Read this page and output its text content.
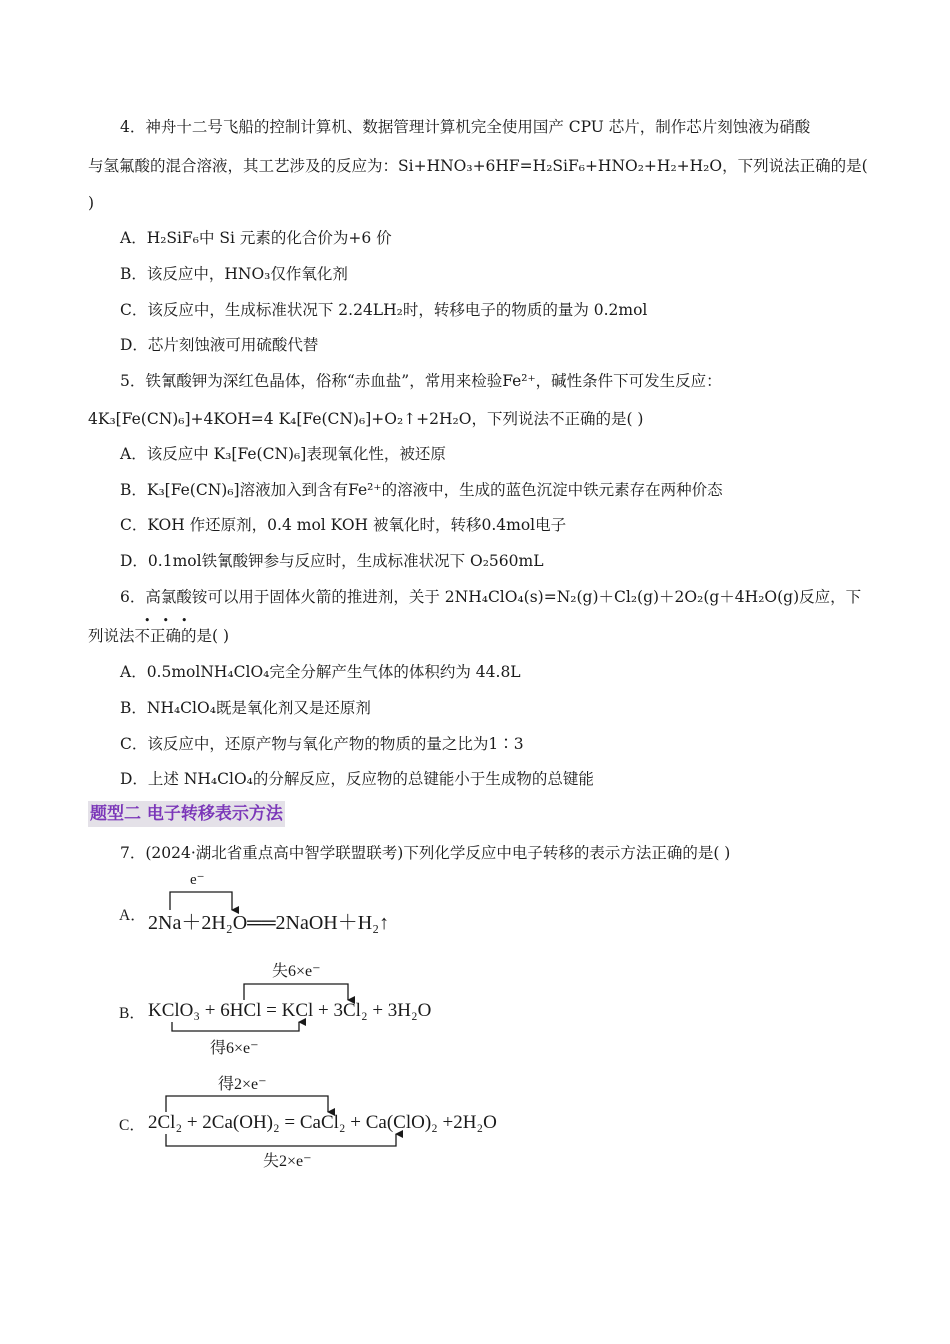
4．神舟十二号飞船的控制计算机、数据管理计算机完全使用国产 CPU 芯片，制作芯片刻蚀液为硝酸
与氢氟酸的混合溶液，其工艺涉及的反应为：Si+HNO₃+6HF=H₂SiF₆+HNO₂+H₂+H₂O，下列说法正确的是(
)
A．H₂SiF₆中 Si 元素的化合价为+6 价
B．该反应中，HNO₃仅作氧化剂
C．该反应中，生成标准状况下 2.24LH₂时，转移电子的物质的量为 0.2mol
D．芯片刻蚀液可用硫酸代替
5．铁氰酸钾为深红色晶体，俗称“赤血盐”，常用来检验Fe²⁺，碱性条件下可发生反应：
4K₃[Fe(CN)₆]+4KOH=4 K₄[Fe(CN)₆]+O₂↑+2H₂O，下列说法不正确的是( )
A．该反应中 K₃[Fe(CN)₆]表现氧化性，被还原
B．K₃[Fe(CN)₆]溶液加入到含有Fe²⁺的溶液中，生成的蓝色沉淀中铁元素存在两种价态
C．KOH 作还原剂，0.4 mol KOH 被氧化时，转移0.4mol电子
D．0.1mol铁氰酸钾参与反应时，生成标准状况下 O₂560mL
6．高氯酸铵可以用于固体火箭的推进剂，关于 2NH₄ClO₄(s)=N₂(g)＋Cl₂(g)＋2O₂(g＋4H₂O(g)反应，下
列说法不正确的是( )
•••
A．0.5molNH₄ClO₄完全分解产生气体的体积约为 44.8L
B．NH₄ClO₄既是氧化剂又是还原剂
C．该反应中，还原产物与氧化产物的物质的量之比为1∶3
D．上述 NH₄ClO₄的分解反应，反应物的总键能小于生成物的总键能
题型二 电子转移表示方法
7．(2024·湖北省重点高中智学联盟联考)下列化学反应中电子转移的表示方法正确的是( )
A．
e⁻
2Na＋2H₂O══2NaOH＋H₂↑
B．
失6×e⁻
KClO₃ + 6HCl = KCl + 3Cl₂ + 3H₂O
得6×e⁻
C．
得2×e⁻
2Cl₂ + 2Ca(OH)₂ = CaCl₂ + Ca(ClO)₂ +2H₂O
失2×e⁻
